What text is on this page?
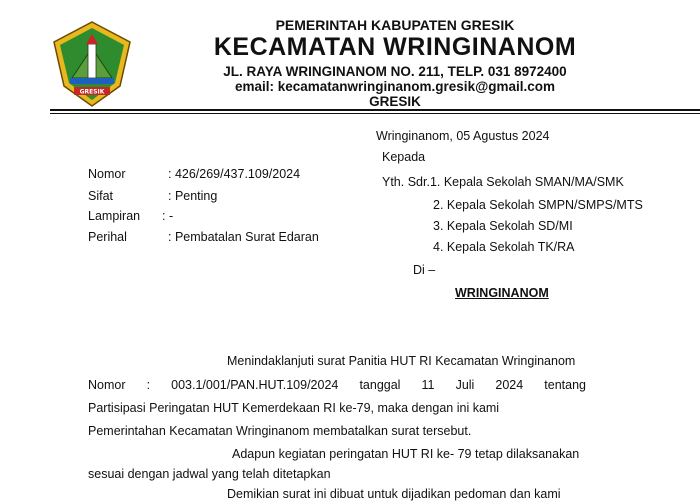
GRESIK
PEMERINTAH KABUPATEN GRESIK
KECAMATAN WRINGINANOM
JL. RAYA WRINGINANOM NO. 211, TELP. 031 8972400
email: kecamatanwringinanom.gresik@gmail.com
GRESIK
Wringinanom, 05 Agustus 2024
Kepada
Yth. Sdr.1. Kepala Sekolah SMAN/MA/SMK
2. Kepala Sekolah SMPN/SMPS/MTS
3. Kepala Sekolah SD/MI
4. Kepala Sekolah TK/RA
Di –
WRINGINANOM
Nomor	: 426/269/437.109/2024
Sifat	: Penting
Lampiran : -
Perihal	: Pembatalan Surat Edaran
Menindaklanjuti surat Panitia HUT RI Kecamatan Wringinanom
Nomor : 003.1/001/PAN.HUT.109/2024 tanggal 11 Juli 2024 tentang
Partisipasi Peringatan HUT Kemerdekaan RI ke-79, maka dengan ini kami
Pemerintahan Kecamatan Wringinanom membatalkan surat tersebut.
Adapun kegiatan peringatan HUT RI ke- 79 tetap dilaksanakan
sesuai dengan jadwal yang telah ditetapkan
Demikian surat ini dibuat untuk dijadikan pedoman dan kami
